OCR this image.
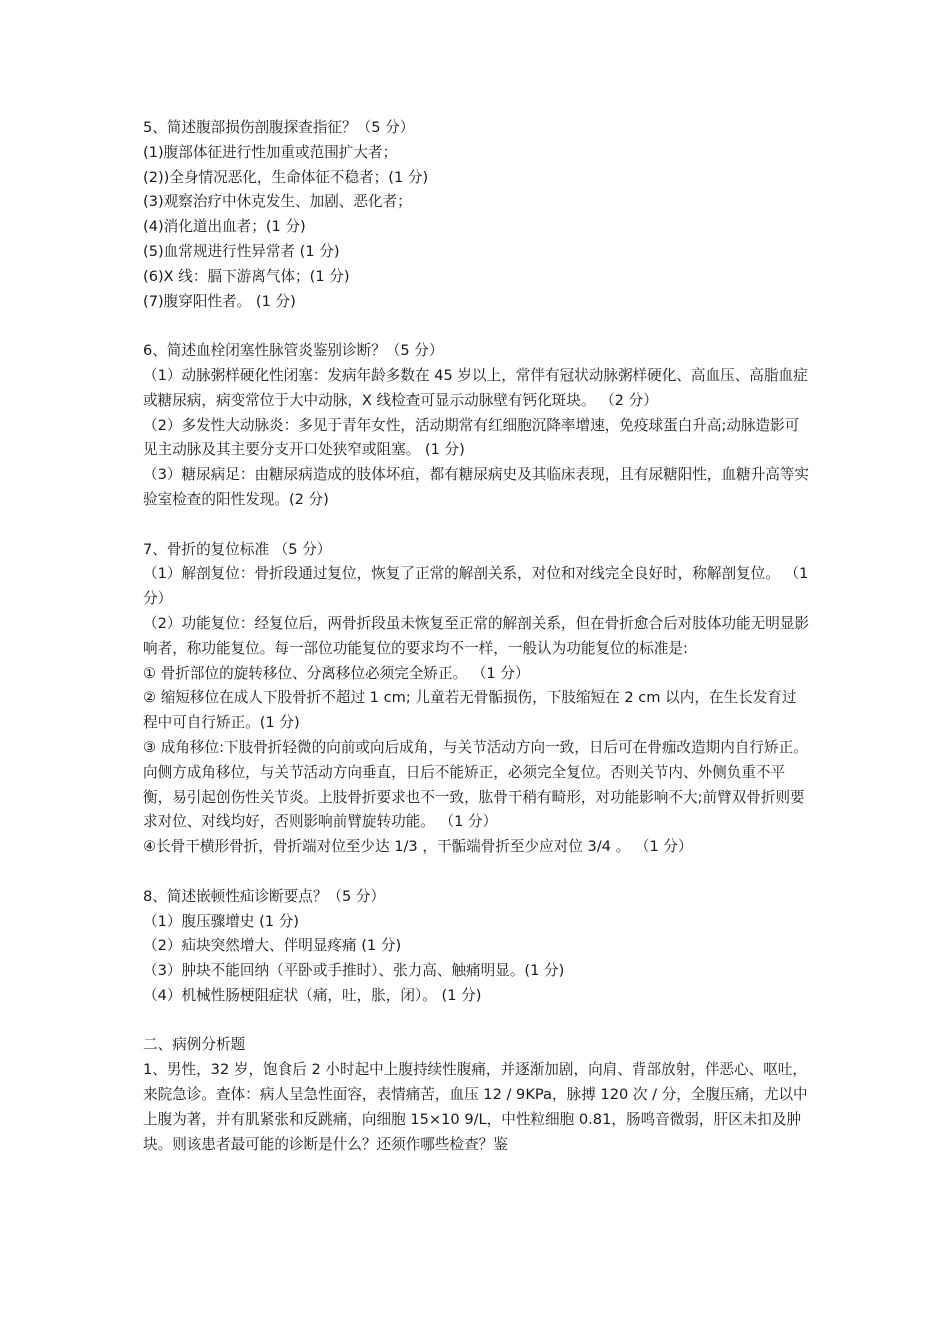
5、简述腹部损伤剖腹探查指征？（5 分）

(1)腹部体征进行性加重或范围扩大者；

(2))全身情况恶化，生命体征不稳者；(1 分)

(3)观察治疗中休克发生、加剧、恶化者；

(4)消化道出血者；(1 分)

(5)血常规进行性异常者 (1 分)

(6)X 线：膈下游离气体；(1 分)

(7)腹穿阳性者。 (1 分)

6、简述血栓闭塞性脉管炎鉴别诊断？（5 分）

（1）动脉粥样硬化性闭塞：发病年龄多数在 45 岁以上，常伴有冠状动脉粥样硬化、高血压、高脂血症或糖尿病，病变常位于大中动脉，X 线检查可显示动脉壁有钙化斑块。 （2 分）

（2）多发性大动脉炎：多见于青年女性，活动期常有红细胞沉降率增速，免疫球蛋白升高;动脉造影可见主动脉及其主要分支开口处狭窄或阻塞。 (1 分)

（3）糖尿病足：由糖尿病造成的肢体坏疽，都有糖尿病史及其临床表现，且有尿糖阳性，血糖升高等实验室检查的阳性发现。(2 分)

7、骨折的复位标准 （5 分）

（1）解剖复位：骨折段通过复位，恢复了正常的解剖关系，对位和对线完全良好时，称解剖复位。 （1 分）

（2）功能复位：经复位后，两骨折段虽未恢复至正常的解剖关系，但在骨折愈合后对肢体功能无明显影响者，称功能复位。每一部位功能复位的要求均不一样，一般认为功能复位的标准是:

① 骨折部位的旋转移位、分离移位必须完全矫正。 （1 分）

② 缩短移位在成人下股骨折不超过 1 cm; 儿童若无骨骺损伤，下肢缩短在 2 cm 以内，在生长发育过程中可自行矫正。(1 分)

③ 成角移位:下肢骨折轻微的向前或向后成角，与关节活动方向一致，日后可在骨痂改造期内自行矫正。向侧方成角移位，与关节活动方向垂直，日后不能矫正，必须完全复位。否则关节内、外侧负重不平衡，易引起创伤性关节炎。上肢骨折要求也不一致，肱骨干稍有畸形，对功能影响不大;前臂双骨折则要求对位、对线均好，否则影响前臂旋转功能。 （1 分）

④长骨干横形骨折，骨折端对位至少达 1/3 ，干骺端骨折至少应对位 3/4 。 （1 分）

8、简述嵌顿性疝诊断要点？（5 分）

（1）腹压骤增史 (1 分)

（2）疝块突然增大、伴明显疼痛 (1 分)

（3）肿块不能回纳（平卧或手推时）、张力高、触痛明显。(1 分)

（4）机械性肠梗阻症状（痛，吐，胀，闭）。 (1 分)

二、病例分析题

1、男性，32 岁，饱食后 2 小时起中上腹持续性腹痛，并逐渐加剧，向肩、背部放射，伴恶心、呕吐，来院急诊。查体：病人呈急性面容，表情痛苦，血压 12 / 9KPa，脉搏 120 次 / 分，全腹压痛，尤以中上腹为著，并有肌紧张和反跳痛，向细胞 15×10 9/L，中性粒细胞 0.81，肠鸣音微弱，肝区未扣及肿块。则该患者最可能的诊断是什么？还须作哪些检查？鉴
